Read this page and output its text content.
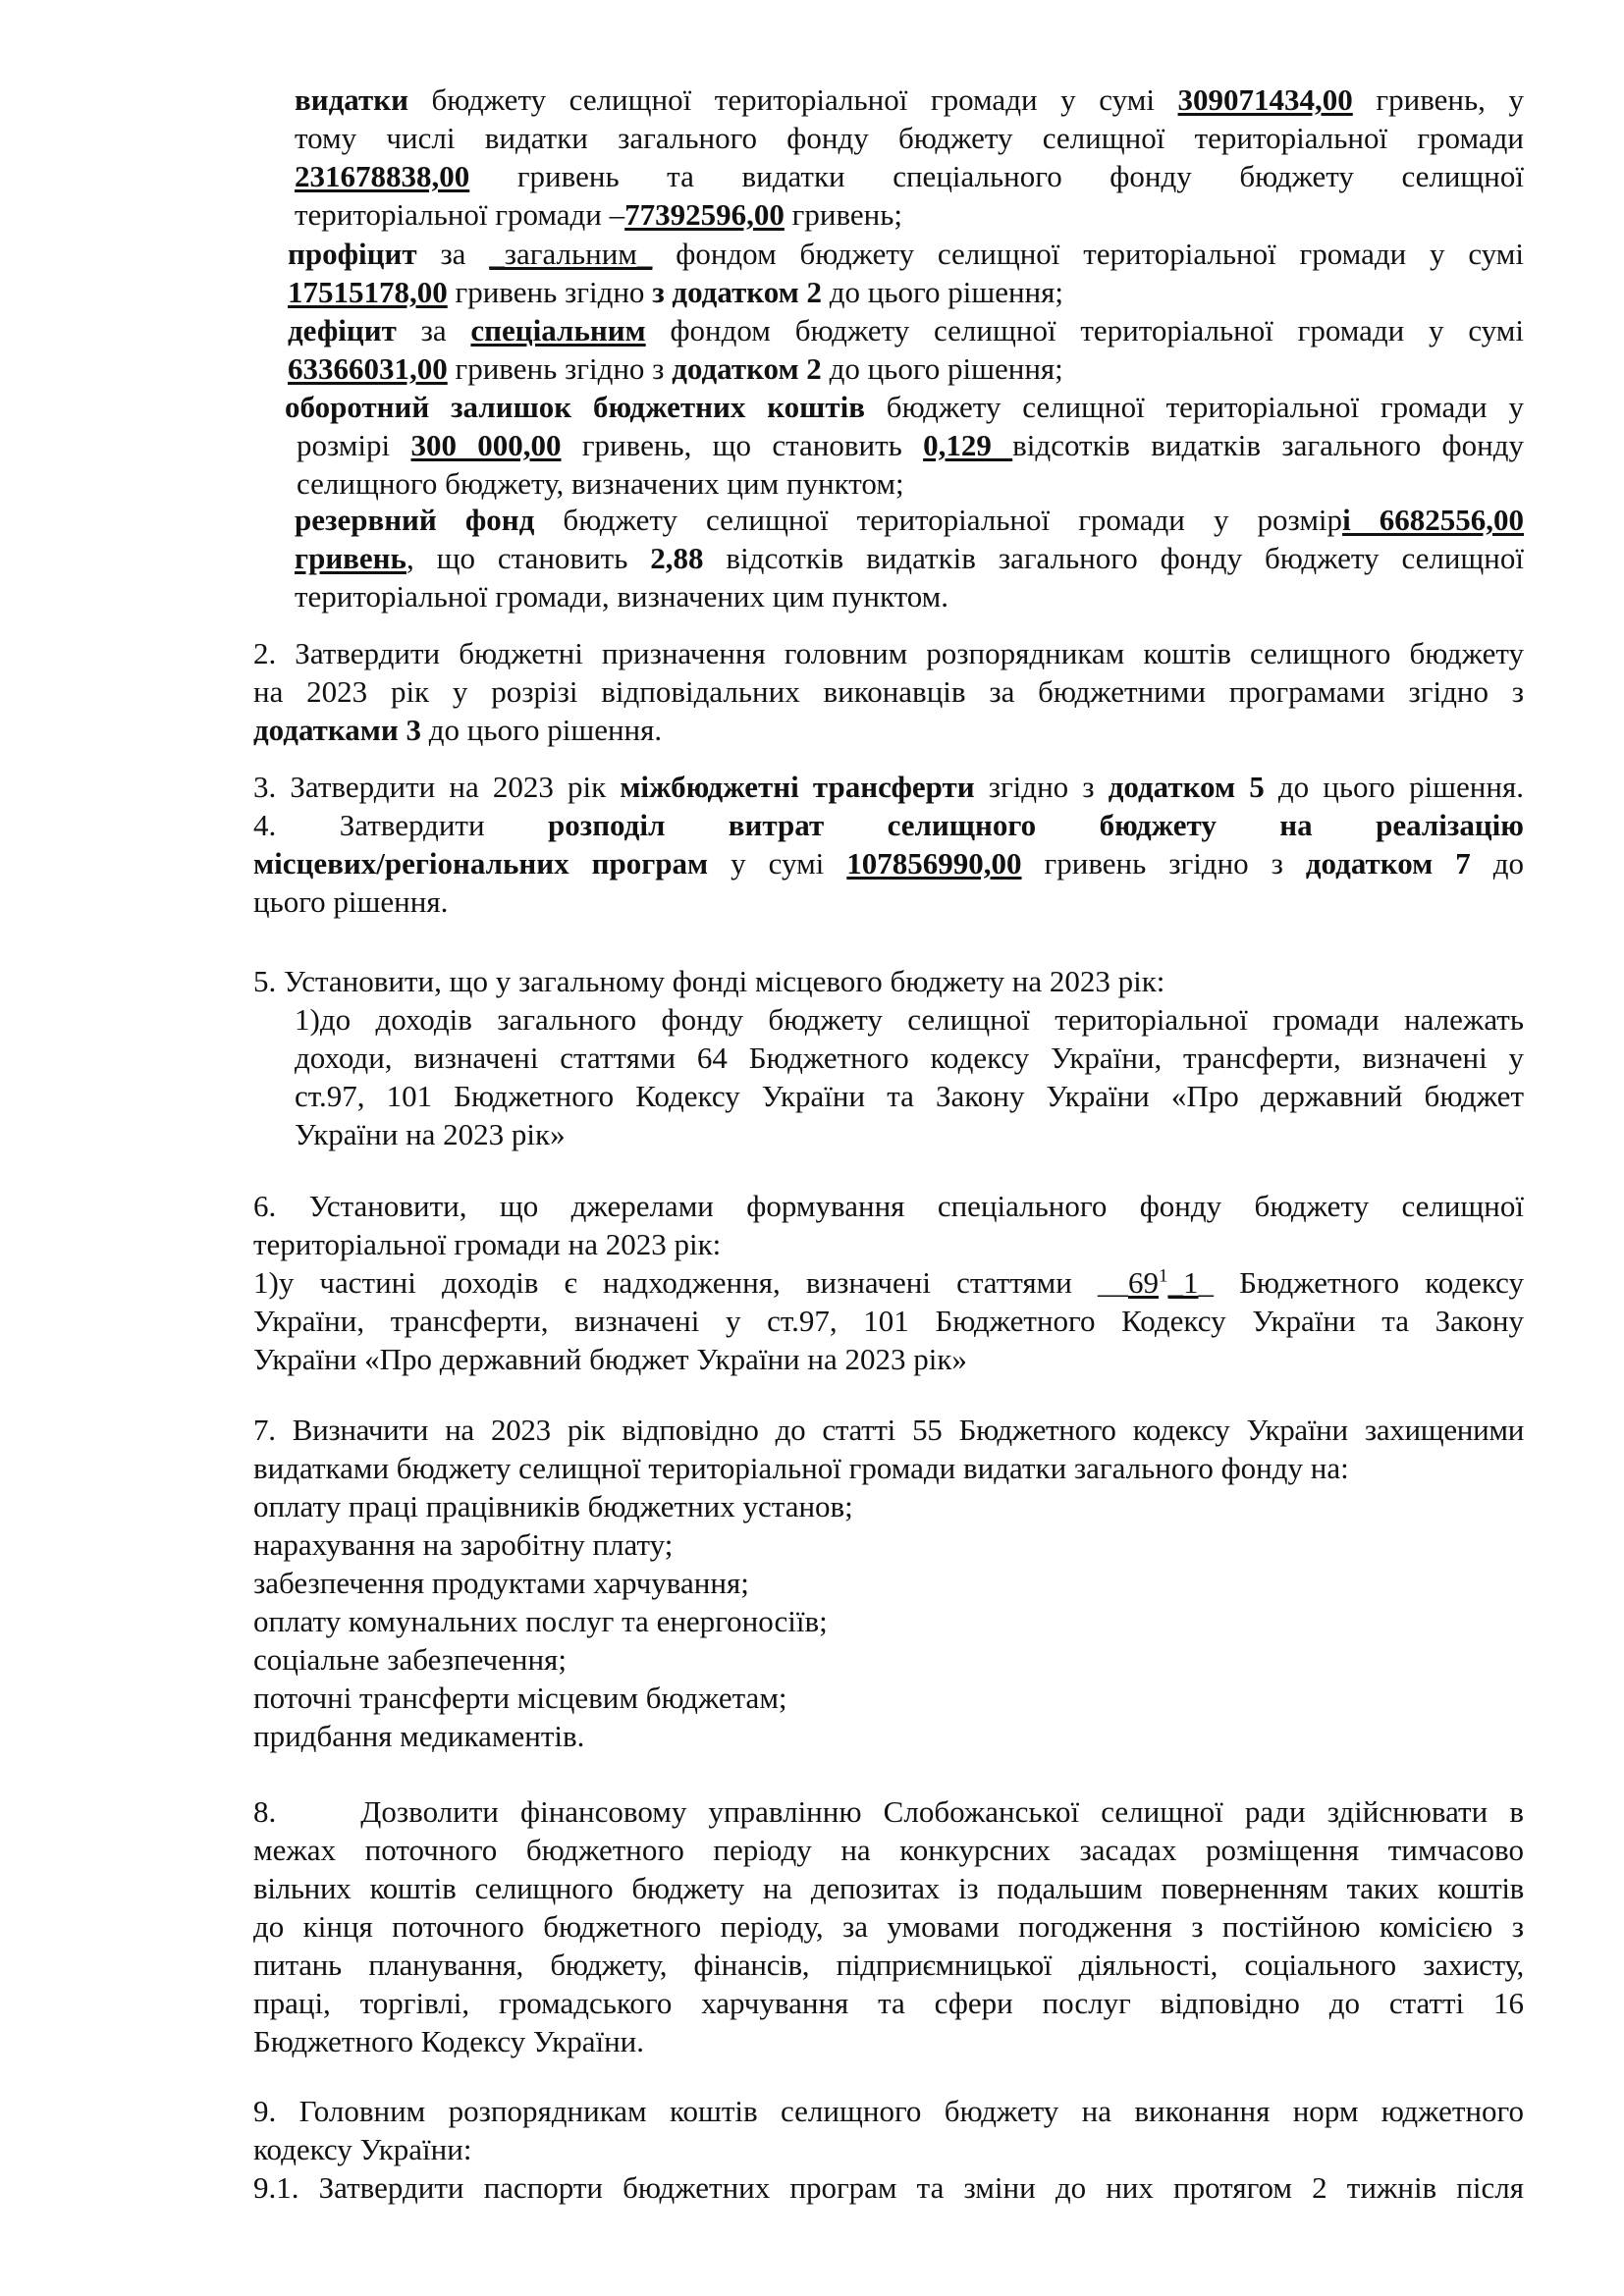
видатки бюджету селищної територіальної громади у сумі 309071434,00 гривень, у
тому числі видатки загального фонду бюджету селищної територіальної громади
231678838,00 гривень та видатки спеціального фонду бюджету селищної
територіальної громади –77392596,00 гривень;
профіцит за _загальним_ фондом бюджету селищної територіальної громади у сумі
17515178,00 гривень згідно з додатком 2 до цього рішення;
дефіцит за спеціальним фондом бюджету селищної територіальної громади у сумі
63366031,00 гривень згідно з додатком 2 до цього рішення;
оборотний залишок бюджетних коштів бюджету селищної територіальної громади у
розмірі 300 000,00 гривень, що становить 0,129 відсотків видатків загального фонду
селищного бюджету, визначених цим пунктом;
резервний фонд бюджету селищної територіальної громади у розмірі 6682556,00
гривень, що становить 2,88 відсотків видатків загального фонду бюджету селищної
територіальної громади, визначених цим пунктом.
2. Затвердити бюджетні призначення головним розпорядникам коштів селищного бюджету
на 2023 рік у розрізі відповідальних виконавців за бюджетними програмами згідно з
додатками 3 до цього рішення.
3. Затвердити на 2023 рік міжбюджетні трансферти згідно з додатком 5 до цього рішення.
4. Затвердити розподіл витрат селищного бюджету на реалізацію
місцевих/регіональних програм у сумі 107856990,00 гривень згідно з додатком 7 до
цього рішення.
5. Установити, що у загальному фонді місцевого бюджету на 2023 рік:
1)до доходів загального фонду бюджету селищної територіальної громади належать
доходи, визначені статтями 64 Бюджетного кодексу України, трансферти, визначені у
ст.97, 101 Бюджетного Кодексу України та Закону України «Про державний бюджет
України на 2023 рік»
6. Установити, що джерелами формування спеціального фонду бюджету селищної
територіальної громади на 2023 рік:
1)у частині доходів є надходження, визначені статтями $\_\_69^1\_1\_$ Бюджетного кодексу
України, трансферти, визначені у ст.97, 101 Бюджетного Кодексу України та Закону
України «Про державний бюджет України на 2023 рік»
7. Визначити на 2023 рік відповідно до статті 55 Бюджетного кодексу України захищеними
видатками бюджету селищної територіальної громади видатки загального фонду на:
оплату праці працівників бюджетних установ;
нарахування на заробітну плату;
забезпечення продуктами харчування;
оплату комунальних послуг та енергоносіїв;
соціальне забезпечення;
поточні трансферти місцевим бюджетам;
придбання медикаментів.
8.	Дозволити фінансовому управлінню Слобожанської селищної ради здійснювати в
межах поточного бюджетного періоду на конкурсних засадах розміщення тимчасово
вільних коштів селищного бюджету на депозитах із подальшим поверненням таких коштів
до кінця поточного бюджетного періоду, за умовами погодження з постійною комісією з
питань планування, бюджету, фінансів, підприємницької діяльності, соціального захисту,
праці, торгівлі, громадського харчування та сфери послуг відповідно до статті 16
Бюджетного Кодексу України.
9. Головним розпорядникам коштів селищного бюджету на виконання норм юджетного
кодексу України:
9.1. Затвердити паспорти бюджетних програм та зміни до них протягом 2 тижнів після
